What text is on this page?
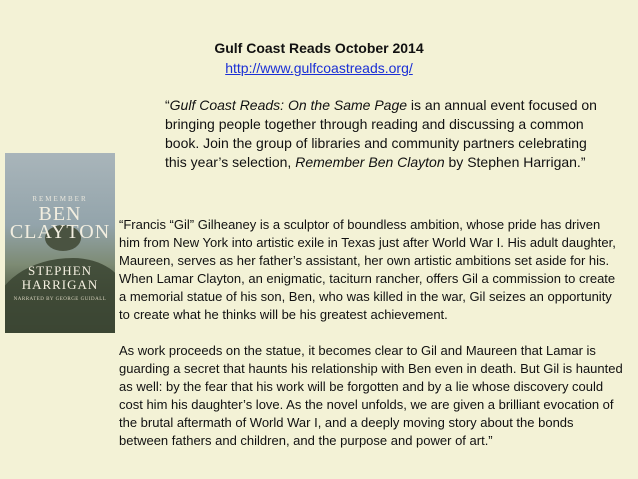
Gulf Coast Reads October 2014
http://www.gulfcoastreads.org/
“Gulf Coast Reads: On the Same Page is an annual event focused on bringing people together through reading and discussing a common book. Join the group of libraries and community partners celebrating this year’s selection, Remember Ben Clayton by Stephen Harrigan.”
REMEMBER
BEN
CLAYTON
STEPHEN
HARRIGAN
NARRATED BY GEORGE GUIDALL

“Francis “Gil” Gilheaney is a sculptor of boundless ambition, whose pride has driven him from New York into artistic exile in Texas just after World War I. His adult daughter, Maureen, serves as her father’s assistant, her own artistic ambitions set aside for his. When Lamar Clayton, an enigmatic, taciturn rancher, offers Gil a commission to create a memorial statue of his son, Ben, who was killed in the war, Gil seizes an opportunity to create what he thinks will be his greatest achievement.

As work proceeds on the statue, it becomes clear to Gil and Maureen that Lamar is guarding a secret that haunts his relationship with Ben even in death. But Gil is haunted as well: by the fear that his work will be forgotten and by a lie whose discovery could cost him his daughter’s love. As the novel unfolds, we are given a brilliant evocation of the brutal aftermath of World War I, and a deeply moving story about the bonds between fathers and children, and the purpose and power of art.”
